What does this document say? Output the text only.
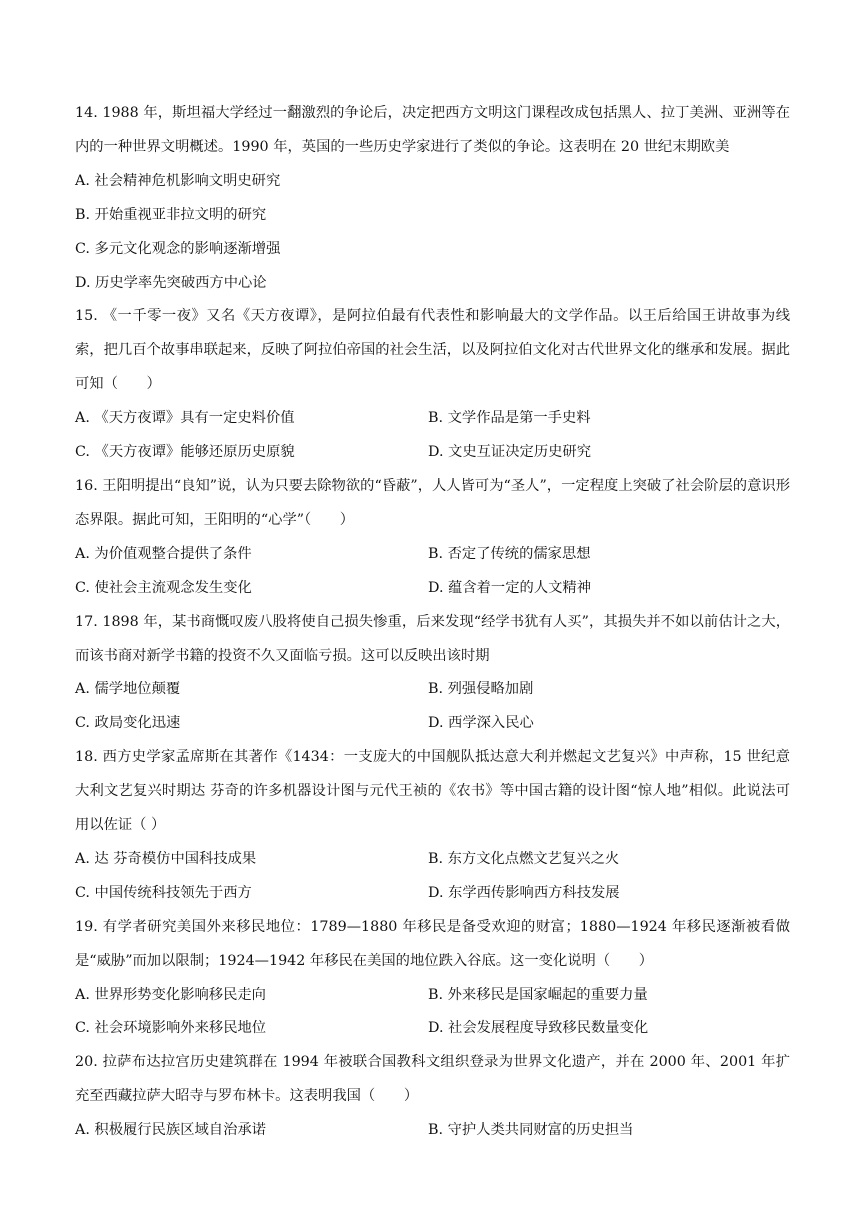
14. 1988 年，斯坦福大学经过一翻激烈的争论后，决定把西方文明这门课程改成包括黑人、拉丁美洲、亚洲等在内的一种世界文明概述。1990 年，英国的一些历史学家进行了类似的争论。这表明在 20 世纪末期欧美

A. 社会精神危机影响文明史研究

B. 开始重视亚非拉文明的研究

C. 多元文化观念的影响逐渐增强

D. 历史学率先突破西方中心论

15. 《一千零一夜》又名《天方夜谭》，是阿拉伯最有代表性和影响最大的文学作品。以王后给国王讲故事为线索，把几百个故事串联起来，反映了阿拉伯帝国的社会生活，以及阿拉伯文化对古代世界文化的继承和发展。据此可知（　　）

A. 《天方夜谭》具有一定史料价值	B. 文学作品是第一手史料
C. 《天方夜谭》能够还原历史原貌	D. 文史互证决定历史研究

16. 王阳明提出“良知”说，认为只要去除物欲的“昏蔽”，人人皆可为“圣人”，一定程度上突破了社会阶层的意识形态界限。据此可知，王阳明的“心学”（　　）

A. 为价值观整合提供了条件	B. 否定了传统的儒家思想
C. 使社会主流观念发生变化	D. 蕴含着一定的人文精神

17. 1898 年，某书商慨叹废八股将使自己损失惨重，后来发现“经学书犹有人买”，其损失并不如以前估计之大，而该书商对新学书籍的投资不久又面临亏损。这可以反映出该时期

A. 儒学地位颠覆	B. 列强侵略加剧
C. 政局变化迅速	D. 西学深入民心

18. 西方史学家孟席斯在其著作《1434：一支庞大的中国舰队抵达意大利并燃起文艺复兴》中声称，15 世纪意大利文艺复兴时期达 芬奇的许多机器设计图与元代王祯的《农书》等中国古籍的设计图“惊人地”相似。此说法可用以佐证（ ）

A. 达 芬奇模仿中国科技成果	B. 东方文化点燃文艺复兴之火
C. 中国传统科技领先于西方	D. 东学西传影响西方科技发展

19. 有学者研究美国外来移民地位：1789—1880 年移民是备受欢迎的财富；1880—1924 年移民逐渐被看做是“威胁”而加以限制；1924—1942 年移民在美国的地位跌入谷底。这一变化说明（　　）

A. 世界形势变化影响移民走向	B. 外来移民是国家崛起的重要力量
C. 社会环境影响外来移民地位	D. 社会发展程度导致移民数量变化

20. 拉萨布达拉宫历史建筑群在 1994 年被联合国教科文组织登录为世界文化遗产，并在 2000 年、2001 年扩充至西藏拉萨大昭寺与罗布林卡。这表明我国（　　）

A. 积极履行民族区域自治承诺	B. 守护人类共同财富的历史担当
